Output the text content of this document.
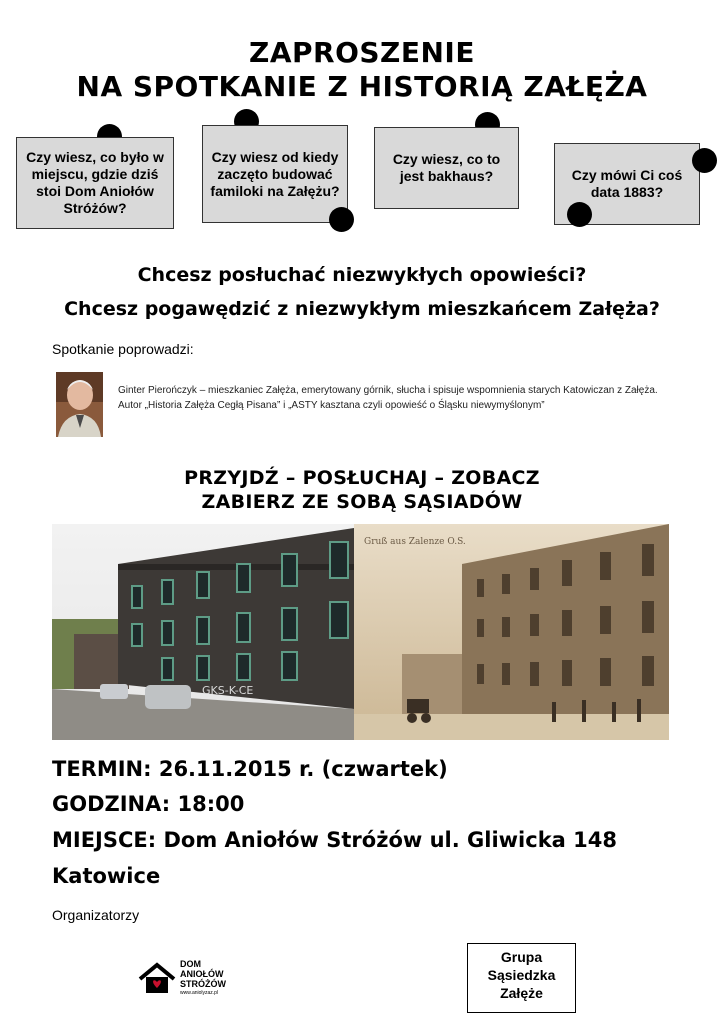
ZAPROSZENIE
NA SPOTKANIE Z HISTORIĄ ZAŁĘŻA
Czy wiesz, co było w miejscu, gdzie dziś stoi Dom Aniołów Stróżów?
Czy wiesz od kiedy zaczęto budować familoki na Załężu?
Czy wiesz, co to jest bakhaus?	Czy mówi Ci coś data 1883?
Chcesz posłuchać niezwykłych opowieści?
Chcesz pogawędzić z niezwykłym mieszkańcem Załęża?
Spotkanie poprowadzi:
Ginter Pierończyk – mieszkaniec Załęża, emerytowany górnik, słucha i spisuje wspomnienia starych Katowiczan z Załęża. Autor „Historia Załęża Cegłą Pisana” i „ASTY kasztana czyli opowieść o Śląsku niewymyślonym”
PRZYJDŹ – POSŁUCHAJ – ZOBACZ
ZABIERZ ZE SOBĄ SĄSIADÓW
GKS-K-CE
Gruß aus Zalenze O.S.
TERMIN: 26.11.2015 r. (czwartek)
GODZINA: 18:00
MIEJSCE: Dom Aniołów Stróżów ul. Gliwicka 148
Katowice
Organizatorzy
DOM
ANIOŁÓW
STRÓŻÓW
www.aniolyzaz.pl
Grupa
Sąsiedzka
Załęże
